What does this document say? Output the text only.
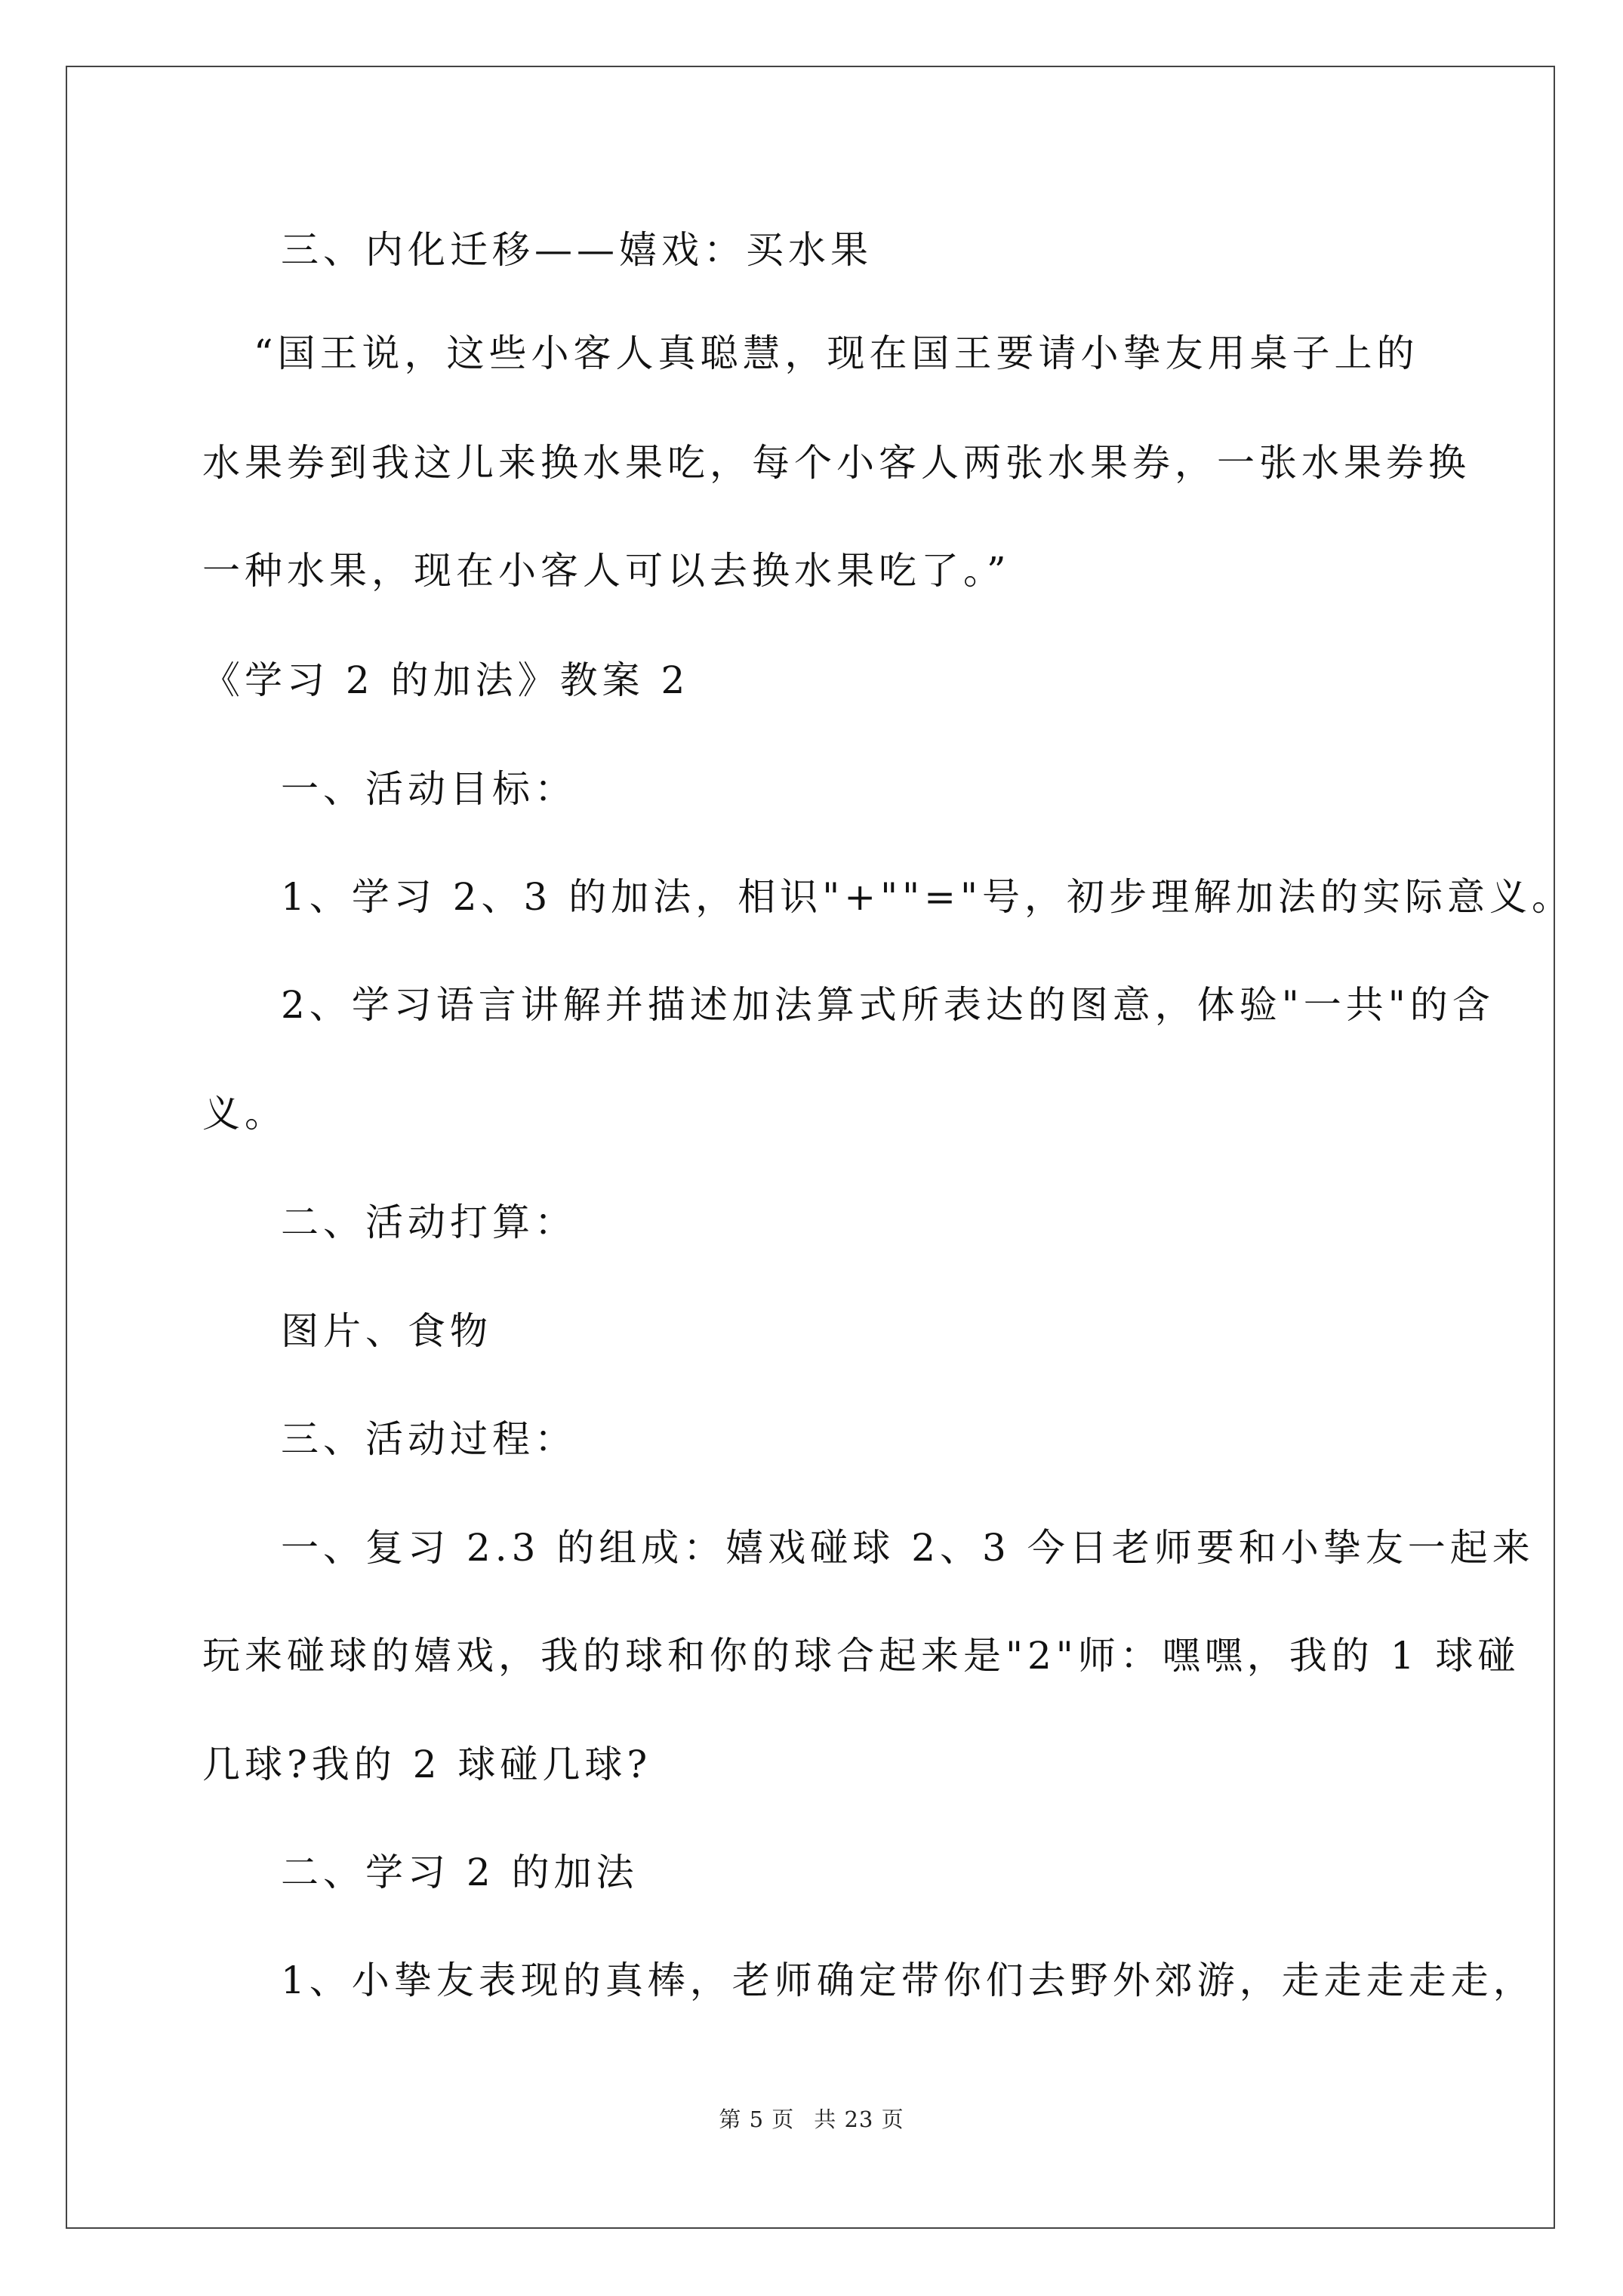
三、内化迁移——嬉戏：买水果
“国王说，这些小客人真聪慧，现在国王要请小挚友用桌子上的
水果券到我这儿来换水果吃，每个小客人两张水果券，一张水果券换
一种水果，现在小客人可以去换水果吃了。”
《学习 2 的加法》教案 2
一、活动目标：
1、学习 2、3 的加法，相识"+""="号，初步理解加法的实际意义。
2、学习语言讲解并描述加法算式所表达的图意，体验"一共"的含
义。
二、活动打算：
图片、食物
三、活动过程：
一、复习 2.3 的组成：嬉戏碰球 2、3 今日老师要和小挚友一起来
玩来碰球的嬉戏，我的球和你的球合起来是"2"师：嘿嘿，我的 1 球碰
几球?我的 2 球碰几球?
二、学习 2 的加法
1、小挚友表现的真棒，老师确定带你们去野外郊游，走走走走走，
第 5 页 共 23 页
